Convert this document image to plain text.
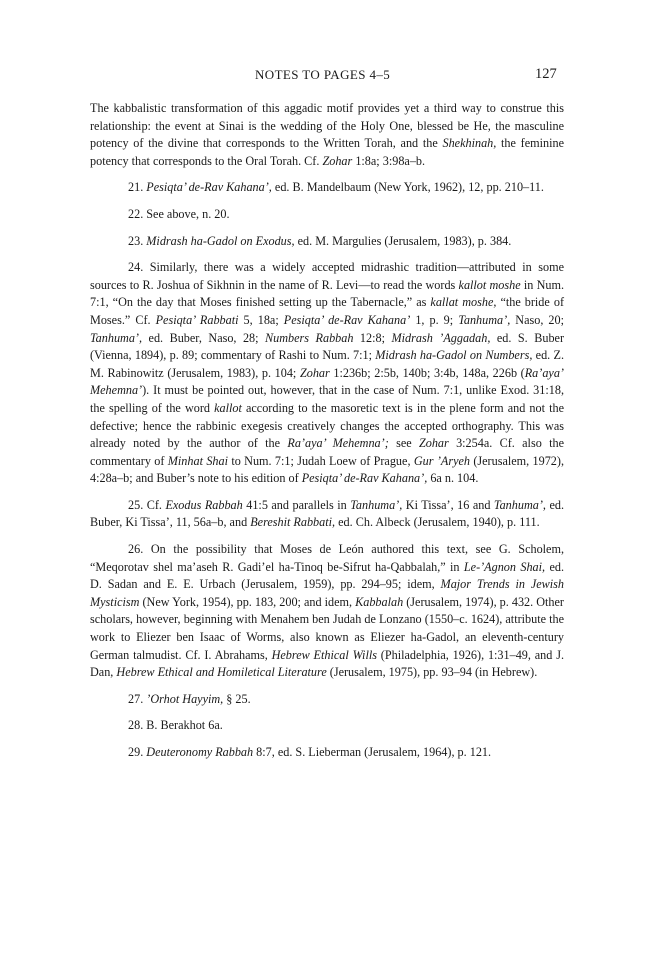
NOTES TO PAGES 4–5	127

The kabbalistic transformation of this aggadic motif provides yet a third way to construe this relationship: the event at Sinai is the wedding of the Holy One, blessed be He, the masculine potency of the divine that corresponds to the Written Torah, and the Shekhinah, the feminine potency that corresponds to the Oral Torah. Cf. Zohar 1:8a; 3:98a–b.

21. Pesiqta’ de-Rav Kahana’, ed. B. Mandelbaum (New York, 1962), 12, pp. 210–11.

22. See above, n. 20.

23. Midrash ha-Gadol on Exodus, ed. M. Margulies (Jerusalem, 1983), p. 384.

24. Similarly, there was a widely accepted midrashic tradition—attributed in some sources to R. Joshua of Sikhnin in the name of R. Levi—to read the words kallot moshe in Num. 7:1, “On the day that Moses finished setting up the Tabernacle,” as kallat moshe, “the bride of Moses.” Cf. Pesiqta’ Rabbati 5, 18a; Pesiqta’ de-Rav Kahana’ 1, p. 9; Tanhuma’, Naso, 20; Tanhuma’, ed. Buber, Naso, 28; Numbers Rabbah 12:8; Midrash ’Aggadah, ed. S. Buber (Vienna, 1894), p. 89; commentary of Rashi to Num. 7:1; Midrash ha-Gadol on Numbers, ed. Z. M. Rabinowitz (Jerusalem, 1983), p. 104; Zohar 1:236b; 2:5b, 140b; 3:4b, 148a, 226b (Ra’aya’ Mehemna’). It must be pointed out, however, that in the case of Num. 7:1, unlike Exod. 31:18, the spelling of the word kallot according to the masoretic text is in the plene form and not the defective; hence the rabbinic exegesis creatively changes the accepted orthography. This was already noted by the author of the Ra’aya’ Mehemna’; see Zohar 3:254a. Cf. also the commentary of Minhat Shai to Num. 7:1; Judah Loew of Prague, Gur ’Aryeh (Jerusalem, 1972), 4:28a–b; and Buber’s note to his edition of Pesiqta’ de-Rav Kahana’, 6a n. 104.

25. Cf. Exodus Rabbah 41:5 and parallels in Tanhuma’, Ki Tissa’, 16 and Tanhuma’, ed. Buber, Ki Tissa’, 11, 56a–b, and Bereshit Rabbati, ed. Ch. Albeck (Jerusalem, 1940), p. 111.

26. On the possibility that Moses de León authored this text, see G. Scholem, “Meqorotav shel ma’aseh R. Gadi’el ha-Tinoq be-Sifrut ha-Qabbalah,” in Le-’Agnon Shai, ed. D. Sadan and E. E. Urbach (Jerusalem, 1959), pp. 294–95; idem, Major Trends in Jewish Mysticism (New York, 1954), pp. 183, 200; and idem, Kabbalah (Jerusalem, 1974), p. 432. Other scholars, however, beginning with Menahem ben Judah de Lonzano (1550–c. 1624), attribute the work to Eliezer ben Isaac of Worms, also known as Eliezer ha-Gadol, an eleventh-century German talmudist. Cf. I. Abrahams, Hebrew Ethical Wills (Philadelphia, 1926), 1:31–49, and J. Dan, Hebrew Ethical and Homiletical Literature (Jerusalem, 1975), pp. 93–94 (in Hebrew).

27. ’Orhot Hayyim, § 25.

28. B. Berakhot 6a.

29. Deuteronomy Rabbah 8:7, ed. S. Lieberman (Jerusalem, 1964), p. 121.
